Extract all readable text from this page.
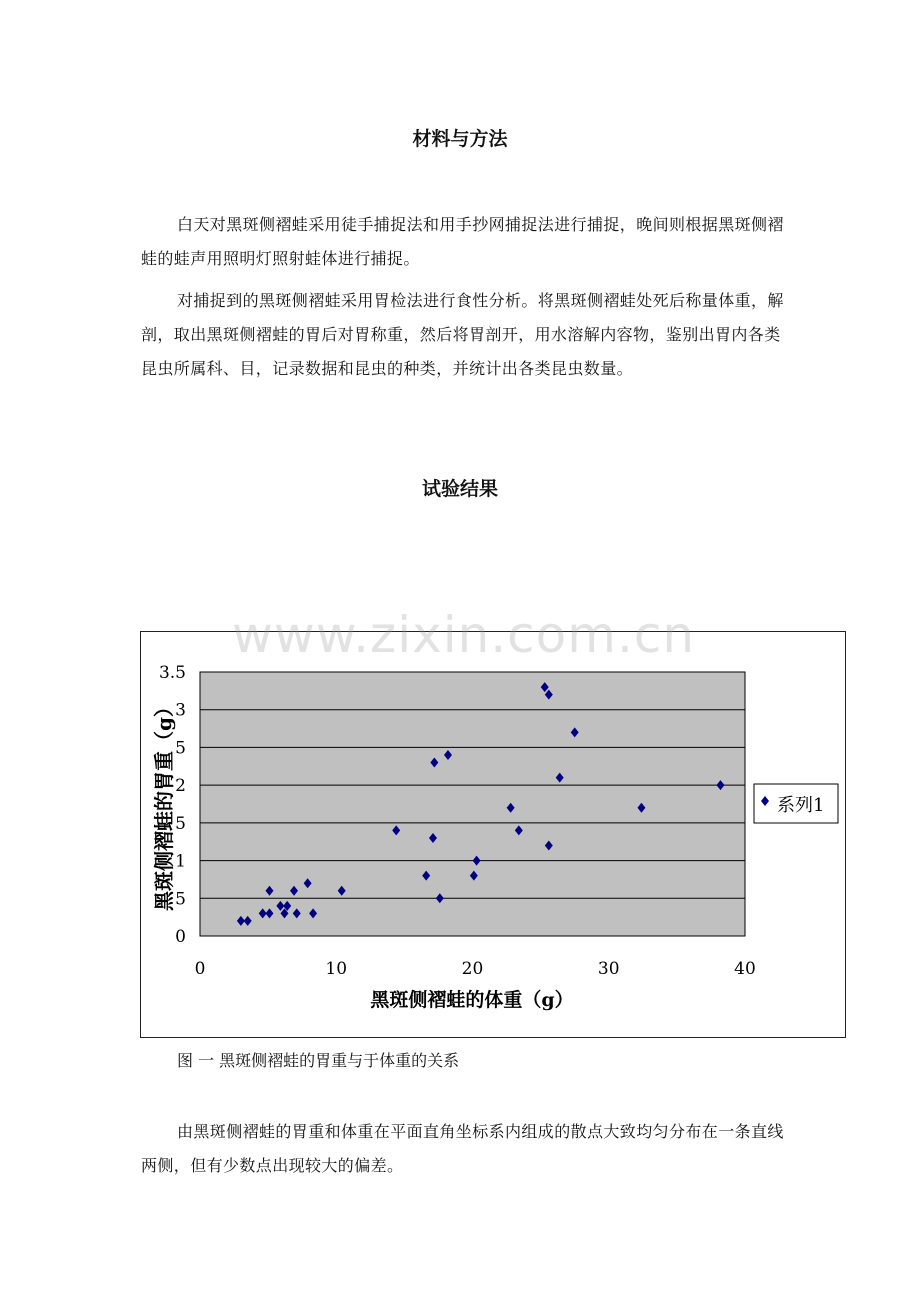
材料与方法
白天对黑斑侧褶蛙采用徒手捕捉法和用手抄网捕捉法进行捕捉，晚间则根据黑斑侧褶蛙的蛙声用照明灯照射蛙体进行捕捉。
对捕捉到的黑斑侧褶蛙采用胃检法进行食性分析。将黑斑侧褶蛙处死后称量体重，解剖，取出黑斑侧褶蛙的胃后对胃称重，然后将胃剖开，用水溶解内容物，鉴别出胃内各类昆虫所属科、目，记录数据和昆虫的种类，并统计出各类昆虫数量。
试验结果
0
5
1
5
2
5
3
3.5
0	10	20	30	40
黑斑侧褶蛙的胃重（g）
黑斑侧褶蛙的体重（g）
系列1
www.zixin.com.cn
图 一 黑斑侧褶蛙的胃重与于体重的关系
由黑斑侧褶蛙的胃重和体重在平面直角坐标系内组成的散点大致均匀分布在一条直线两侧，但有少数点出现较大的偏差。
